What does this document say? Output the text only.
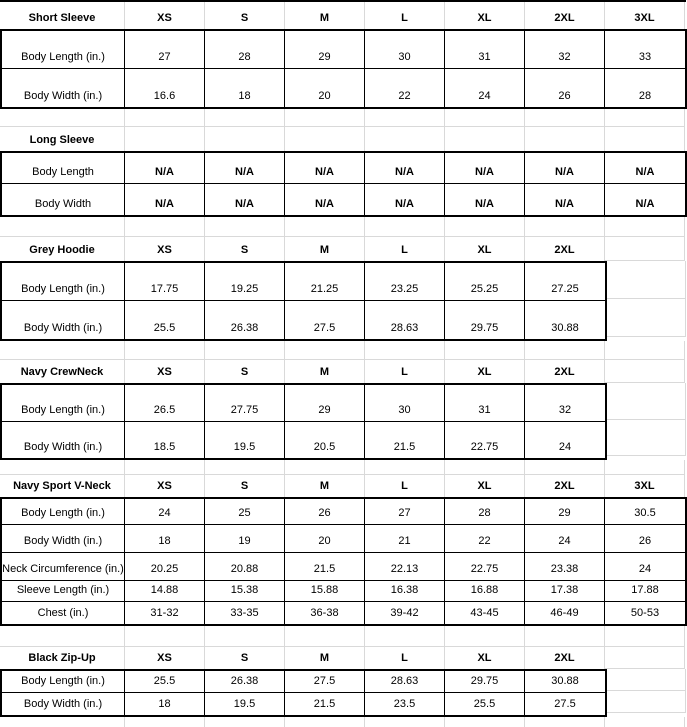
Short Sleeve	XS	S	M	L	XL	2XL	3XL
Body Length (in.)	27	28	29	30	31	32	33
Body Width (in.)	16.6	18	20	22	24	26	28
Long Sleeve
Body Length	N/A	N/A	N/A	N/A	N/A	N/A	N/A
Body Width	N/A	N/A	N/A	N/A	N/A	N/A	N/A
Grey Hoodie	XS	S	M	L	XL	2XL
Body Length (in.)	17.75	19.25	21.25	23.25	25.25	27.25
Body Width (in.)	25.5	26.38	27.5	28.63	29.75	30.88
Navy CrewNeck	XS	S	M	L	XL	2XL
Body Length (in.)	26.5	27.75	29	30	31	32
Body Width (in.)	18.5	19.5	20.5	21.5	22.75	24
Navy Sport V-Neck	XS	S	M	L	XL	2XL	3XL
Body Length (in.)	24	25	26	27	28	29	30.5
Body Width (in.)	18	19	20	21	22	24	26
Neck Circumference (in.)	20.25	20.88	21.5	22.13	22.75	23.38	24
Sleeve Length (in.)	14.88	15.38	15.88	16.38	16.88	17.38	17.88
Chest (in.)	31-32	33-35	36-38	39-42	43-45	46-49	50-53
Black Zip-Up	XS	S	M	L	XL	2XL
Body Length (in.)	25.5	26.38	27.5	28.63	29.75	30.88
Body Width (in.)	18	19.5	21.5	23.5	25.5	27.5
